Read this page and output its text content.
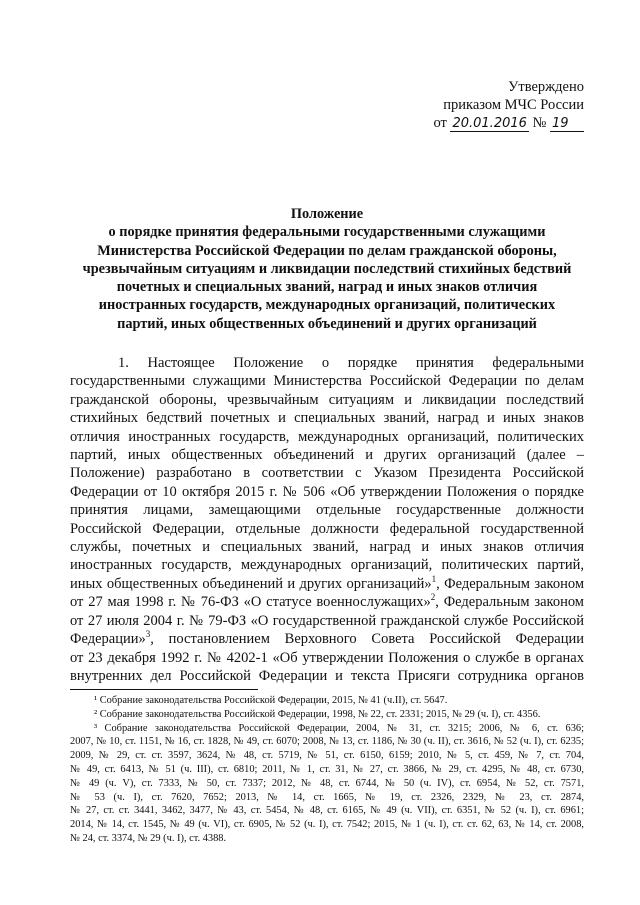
Утверждено
приказом МЧС России
от 20.01.2016 № 19
Положение
о порядке принятия федеральными государственными служащими
Министерства Российской Федерации по делам гражданской обороны,
чрезвычайным ситуациям и ликвидации последствий стихийных бедствий
почетных и специальных званий, наград и иных знаков отличия
иностранных государств, международных организаций, политических
партий, иных общественных объединений и других организаций
1. Настоящее Положение о порядке принятия федеральными
государственными служащими Министерства Российской Федерации по делам
гражданской обороны, чрезвычайным ситуациям и ликвидации последствий
стихийных бедствий почетных и специальных званий, наград и иных знаков
отличия иностранных государств, международных организаций, политических
партий, иных общественных объединений и других организаций (далее –
Положение) разработано в соответствии с Указом Президента Российской
Федерации от 10 октября 2015 г. № 506 «Об утверждении Положения о порядке
принятия лицами, замещающими отдельные государственные должности
Российской Федерации, отдельные должности федеральной государственной
службы, почетных и специальных званий, наград и иных знаков отличия
иностранных государств, международных организаций, политических партий,
иных общественных объединений и других организаций»$^1$, Федеральным законом
от 27 мая 1998 г. № 76-ФЗ «О статусе военнослужащих»$^2$, Федеральным законом
от 27 июля 2004 г. № 79-ФЗ «О государственной гражданской службе Российской
Федерации»$^3$, постановлением Верховного Совета Российской Федерации
от 23 декабря 1992 г. № 4202-1 «Об утверждении Положения о службе в органах
внутренних дел Российской Федерации и текста Присяги сотрудника органов
¹ Собрание законодательства Российской Федерации, 2015, № 41 (ч.II), ст. 5647.
² Собрание законодательства Российской Федерации, 1998, № 22, ст. 2331; 2015, № 29 (ч. I), ст. 4356.
³ Собрание законодательства Российской Федерации, 2004, № 31, ст. 3215; 2006, № 6, ст. 636;
2007, № 10, ст. 1151, № 16, ст. 1828, № 49, ст. 6070; 2008, № 13, ст. 1186, № 30 (ч. II), ст. 3616, № 52 (ч. I), ст. 6235;
2009, № 29, ст. ст. 3597, 3624, № 48, ст. 5719, № 51, ст. 6150, 6159; 2010, № 5, ст. 459, № 7, ст. 704,
№ 49, ст. 6413, № 51 (ч. III), ст. 6810; 2011, № 1, ст. 31, № 27, ст. 3866, № 29, ст. 4295, № 48, ст. 6730,
№ 49 (ч. V), ст. 7333, № 50, ст. 7337; 2012, № 48, ст. 6744, № 50 (ч. IV), ст. 6954, № 52, ст. 7571,
№ 53 (ч. I), ст. 7620, 7652; 2013, № 14, ст. 1665, № 19, ст. 2326, 2329, № 23, ст. 2874,
№ 27, ст. ст. 3441, 3462, 3477, № 43, ст. 5454, № 48, ст. 6165, № 49 (ч. VII), ст. 6351, № 52 (ч. I), ст. 6961;
2014, № 14, ст. 1545, № 49 (ч. VI), ст. 6905, № 52 (ч. I), ст. 7542; 2015, № 1 (ч. I), ст. ст. 62, 63, № 14, ст. 2008,
№ 24, ст. 3374, № 29 (ч. I), ст. 4388.
